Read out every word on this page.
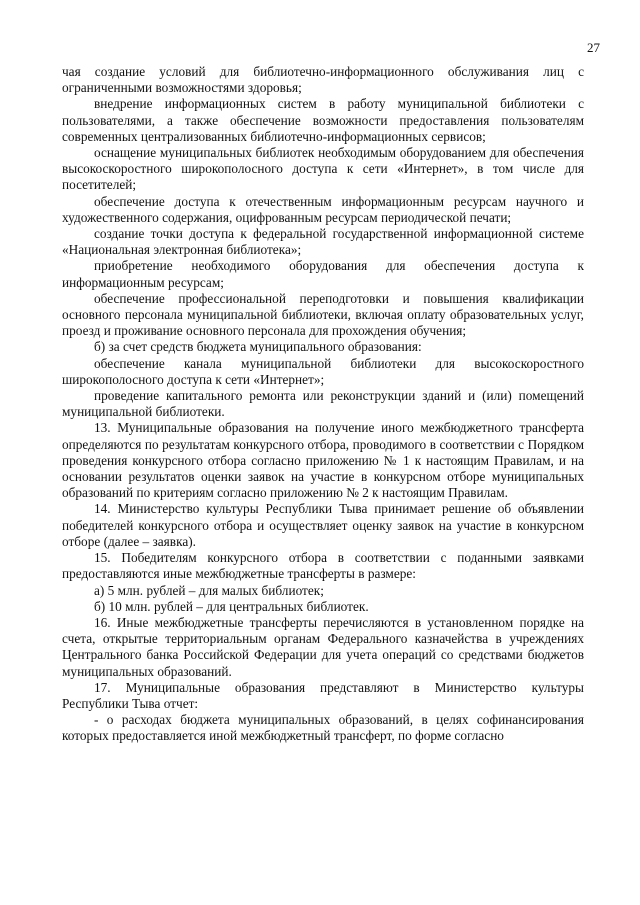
27

чая создание условий для библиотечно-информационного обслуживания лиц с ограниченными возможностями здоровья;

внедрение информационных систем в работу муниципальной библиотеки с пользователями, а также обеспечение возможности предоставления пользователям современных централизованных библиотечно-информационных сервисов;

оснащение муниципальных библиотек необходимым оборудованием для обеспечения высокоскоростного широкополосного доступа к сети «Интернет», в том числе для посетителей;

обеспечение доступа к отечественным информационным ресурсам научного и художественного содержания, оцифрованным ресурсам периодической печати;

создание точки доступа к федеральной государственной информационной системе «Национальная электронная библиотека»;

приобретение необходимого оборудования для обеспечения доступа к информационным ресурсам;

обеспечение профессиональной переподготовки и повышения квалификации основного персонала муниципальной библиотеки, включая оплату образовательных услуг, проезд и проживание основного персонала для прохождения обучения;

б) за счет средств бюджета муниципального образования:

обеспечение канала муниципальной библиотеки для высокоскоростного широкополосного доступа к сети «Интернет»;

проведение капитального ремонта или реконструкции зданий и (или) помещений муниципальной библиотеки.

13. Муниципальные образования на получение иного межбюджетного трансферта определяются по результатам конкурсного отбора, проводимого в соответствии с Порядком проведения конкурсного отбора согласно приложению № 1 к настоящим Правилам, и на основании результатов оценки заявок на участие в конкурсном отборе муниципальных образований по критериям согласно приложению № 2 к настоящим Правилам.

14. Министерство культуры Республики Тыва принимает решение об объявлении победителей конкурсного отбора и осуществляет оценку заявок на участие в конкурсном отборе (далее – заявка).

15. Победителям конкурсного отбора в соответствии с поданными заявками предоставляются иные межбюджетные трансферты в размере:

а) 5 млн. рублей – для малых библиотек;

б) 10 млн. рублей – для центральных библиотек.

16. Иные межбюджетные трансферты перечисляются в установленном порядке на счета, открытые территориальным органам Федерального казначейства в учреждениях Центрального банка Российской Федерации для учета операций со средствами бюджетов муниципальных образований.

17. Муниципальные образования представляют в Министерство культуры Республики Тыва отчет:

- о расходах бюджета муниципальных образований, в целях софинансирования которых предоставляется иной межбюджетный трансферт, по форме согласно
